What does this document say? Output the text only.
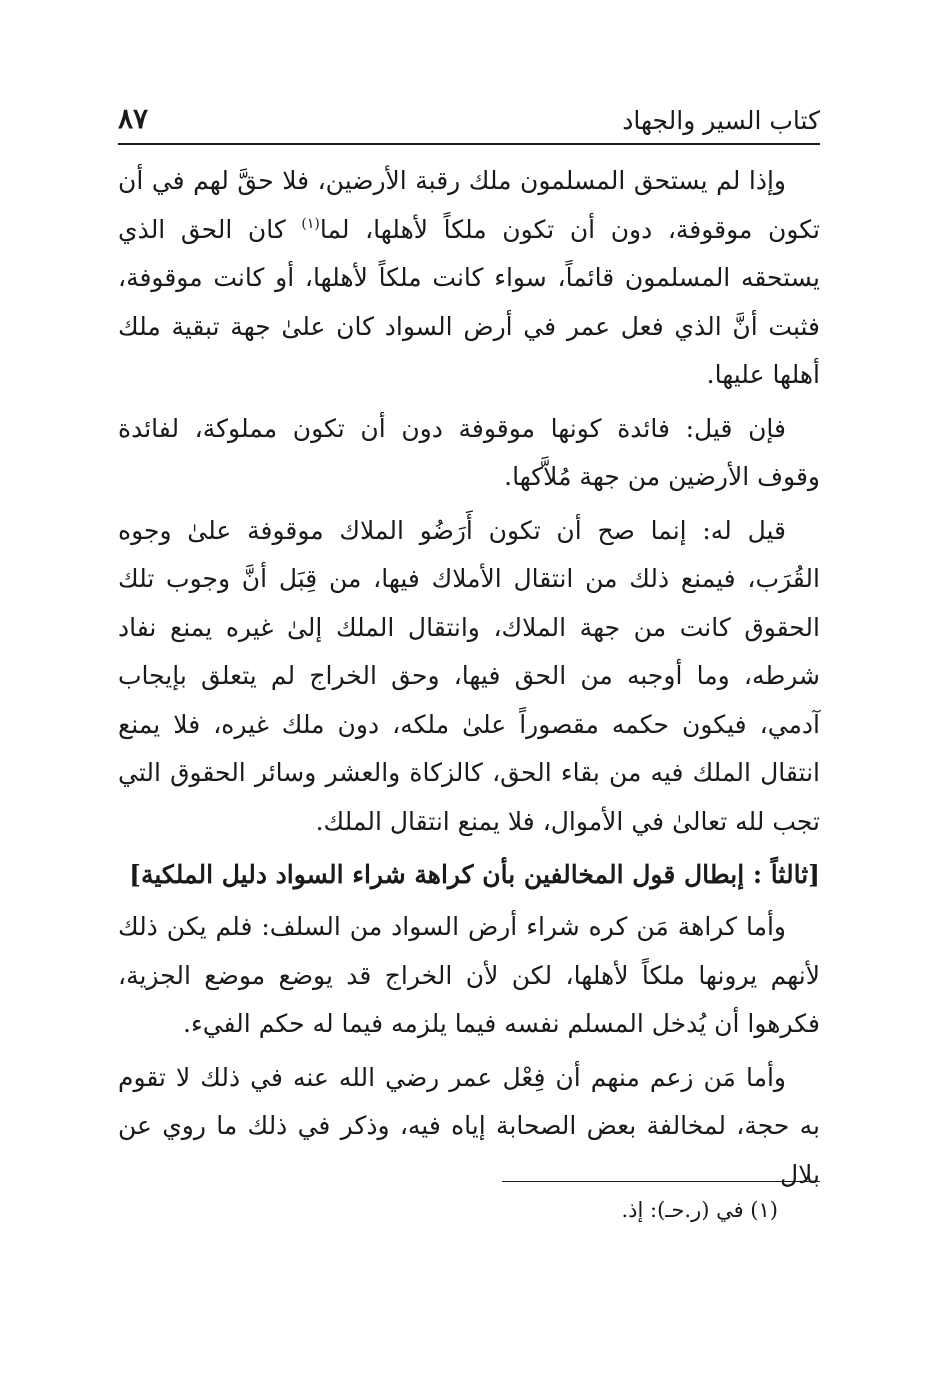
كتاب السير والجهاد
٨٧

وإذا لم يستحق المسلمون ملك رقبة الأرضين، فلا حقَّ لهم في أن تكون موقوفة، دون أن تكون ملكاً لأهلها، لما$^{(١)}$ كان الحق الذي يستحقه المسلمون قائماً، سواء كانت ملكاً لأهلها، أو كانت موقوفة، فثبت أنَّ الذي فعل عمر في أرض السواد كان علىٰ جهة تبقية ملك أهلها عليها.

فإن قيل: فائدة كونها موقوفة دون أن تكون مملوكة، لفائدة وقوف الأرضين من جهة مُلاَّكها.

قيل له: إنما صح أن تكون أَرَضُو الملاك موقوفة علىٰ وجوه القُرَب، فيمنع ذلك من انتقال الأملاك فيها، من قِبَل أنَّ وجوب تلك الحقوق كانت من جهة الملاك، وانتقال الملك إلىٰ غيره يمنع نفاد شرطه، وما أوجبه من الحق فيها، وحق الخراج لم يتعلق بإيجاب آدمي، فيكون حكمه مقصوراً علىٰ ملكه، دون ملك غيره، فلا يمنع انتقال الملك فيه من بقاء الحق، كالزكاة والعشر وسائر الحقوق التي تجب لله تعالىٰ في الأموال، فلا يمنع انتقال الملك.

[ثالثاً : إبطال قول المخالفين بأن كراهة شراء السواد دليل الملكية]

وأما كراهة مَن كره شراء أرض السواد من السلف: فلم يكن ذلك لأنهم يرونها ملكاً لأهلها، لكن لأن الخراج قد يوضع موضع الجزية، فكرهوا أن يُدخل المسلم نفسه فيما يلزمه فيما له حكم الفيء.

وأما مَن زعم منهم أن فِعْل عمر رضي الله عنه في ذلك لا تقوم به حجة، لمخالفة بعض الصحابة إياه فيه، وذكر في ذلك ما روي عن بلال

(١) في (ر.حـ): إذ.
